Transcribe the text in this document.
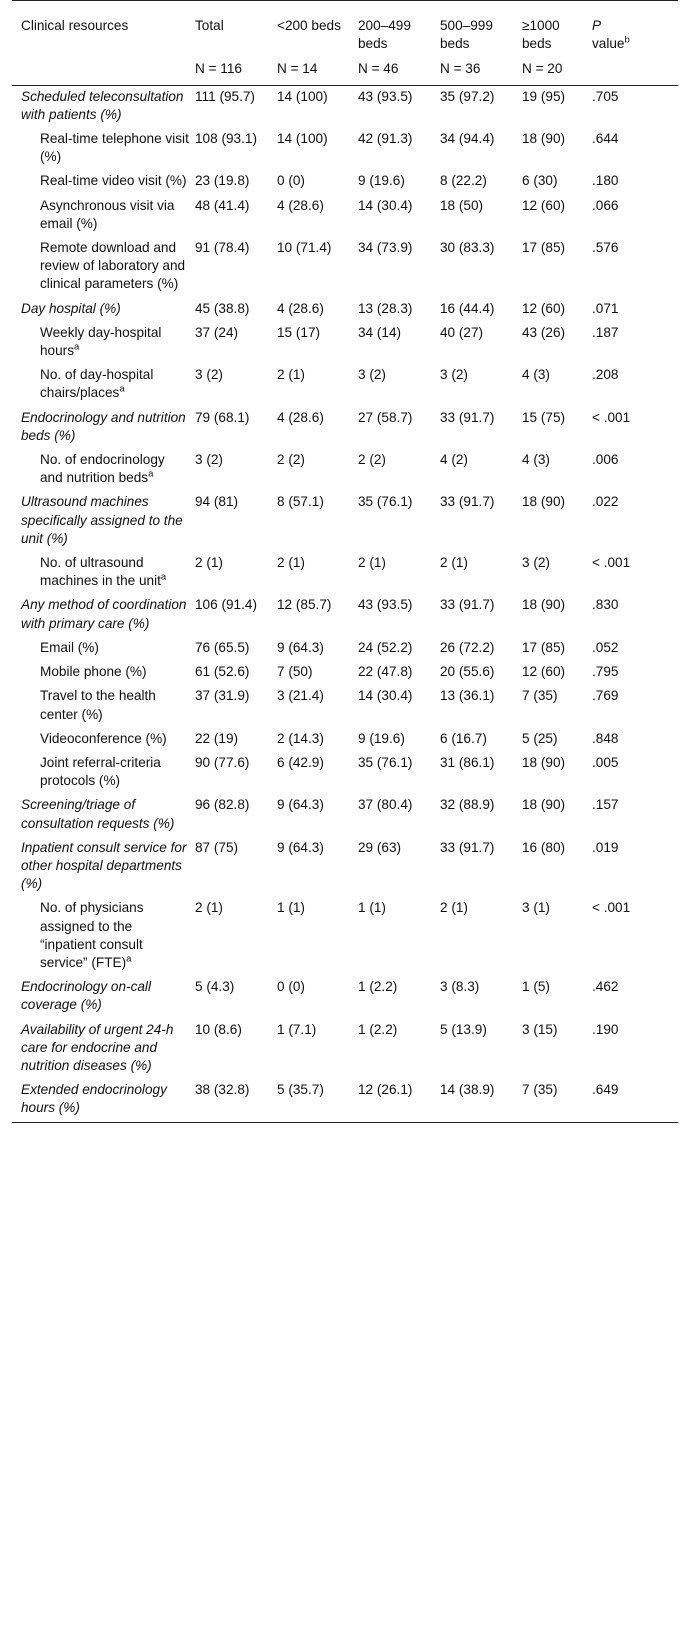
Clinical resources	Total	<200 beds	200–499 beds	500–999 beds	≥1000 beds	P
value$^b$
	N = 116	N = 14	N = 46	N = 36	N = 20	
Scheduled teleconsultation with patients (%)	111 (95.7)	14 (100)	43 (93.5)	35 (97.2)	19 (95)	.705
Real-time telephone visit (%)	108 (93.1)	14 (100)	42 (91.3)	34 (94.4)	18 (90)	.644
Real-time video visit (%)	23 (19.8)	0 (0)	9 (19.6)	8 (22.2)	6 (30)	.180
Asynchronous visit via email (%)	48 (41.4)	4 (28.6)	14 (30.4)	18 (50)	12 (60)	.066
Remote download and review of laboratory and clinical parameters (%)	91 (78.4)	10 (71.4)	34 (73.9)	30 (83.3)	17 (85)	.576
Day hospital (%)	45 (38.8)	4 (28.6)	13 (28.3)	16 (44.4)	12 (60)	.071
Weekly day-hospital hours$^a$	37 (24)	15 (17)	34 (14)	40 (27)	43 (26)	.187
No. of day-hospital chairs/places$^a$	3 (2)	2 (1)	3 (2)	3 (2)	4 (3)	.208
Endocrinology and nutrition beds (%)	79 (68.1)	4 (28.6)	27 (58.7)	33 (91.7)	15 (75)	< .001
No. of endocrinology and nutrition beds$^a$	3 (2)	2 (2)	2 (2)	4 (2)	4 (3)	.006
Ultrasound machines specifically assigned to the unit (%)	94 (81)	8 (57.1)	35 (76.1)	33 (91.7)	18 (90)	.022
No. of ultrasound machines in the unit$^a$	2 (1)	2 (1)	2 (1)	2 (1)	3 (2)	< .001
Any method of coordination with primary care (%)	106 (91.4)	12 (85.7)	43 (93.5)	33 (91.7)	18 (90)	.830
Email (%)	76 (65.5)	9 (64.3)	24 (52.2)	26 (72.2)	17 (85)	.052
Mobile phone (%)	61 (52.6)	7 (50)	22 (47.8)	20 (55.6)	12 (60)	.795
Travel to the health center (%)	37 (31.9)	3 (21.4)	14 (30.4)	13 (36.1)	7 (35)	.769
Videoconference (%)	22 (19)	2 (14.3)	9 (19.6)	6 (16.7)	5 (25)	.848
Joint referral-criteria protocols (%)	90 (77.6)	6 (42.9)	35 (76.1)	31 (86.1)	18 (90)	.005
Screening/triage of consultation requests (%)	96 (82.8)	9 (64.3)	37 (80.4)	32 (88.9)	18 (90)	.157
Inpatient consult service for other hospital departments (%)	87 (75)	9 (64.3)	29 (63)	33 (91.7)	16 (80)	.019
No. of physicians assigned to the “inpatient consult service” (FTE)$^a$	2 (1)	1 (1)	1 (1)	2 (1)	3 (1)	< .001
Endocrinology on-call coverage (%)	5 (4.3)	0 (0)	1 (2.2)	3 (8.3)	1 (5)	.462
Availability of urgent 24-h care for endocrine and nutrition diseases (%)	10 (8.6)	1 (7.1)	1 (2.2)	5 (13.9)	3 (15)	.190
Extended endocrinology hours (%)	38 (32.8)	5 (35.7)	12 (26.1)	14 (38.9)	7 (35)	.649
